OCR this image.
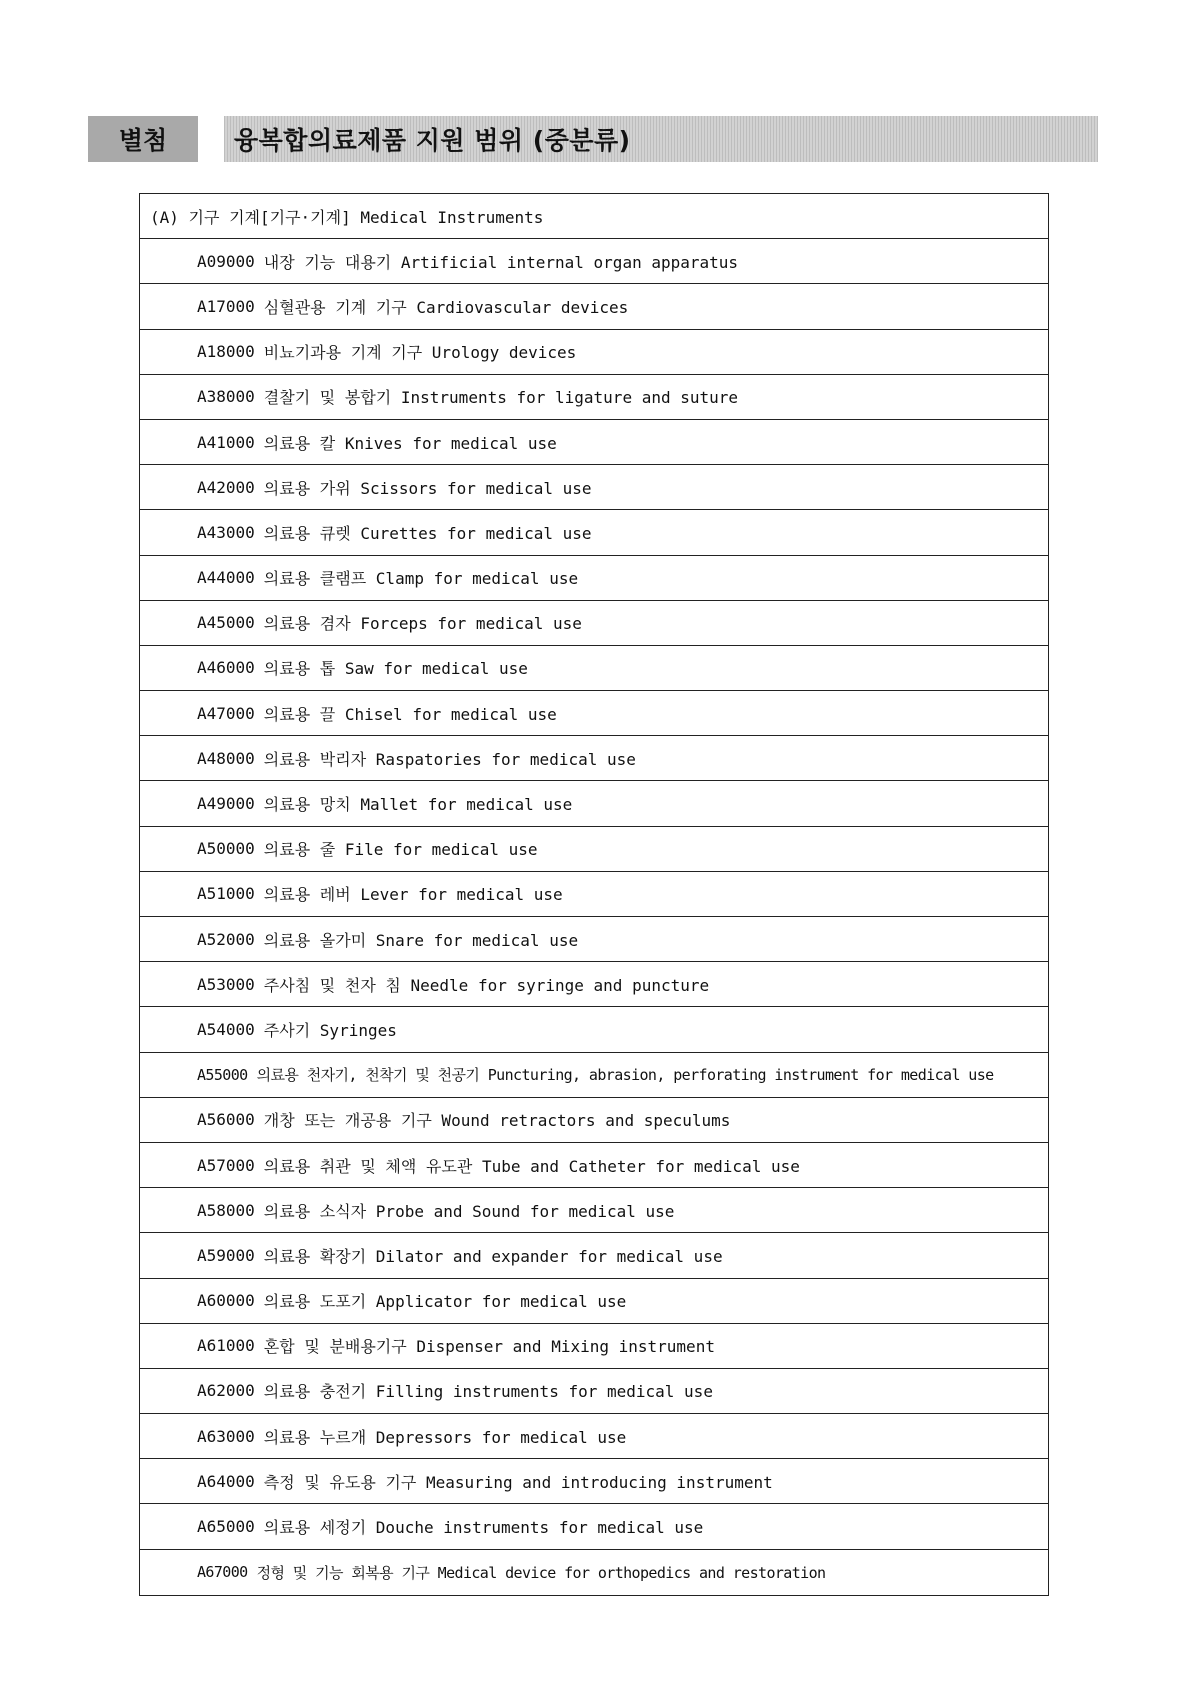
별첨	융복합의료제품 지원 범위 (중분류)
(A) 기구 기계[기구·기계] Medical Instruments
A09000 내장 기능 대용기 Artificial internal organ apparatus
A17000 심혈관용 기계 기구 Cardiovascular devices
A18000 비뇨기과용 기계 기구 Urology devices
A38000 결찰기 및 봉합기 Instruments for ligature and suture
A41000 의료용 칼 Knives for medical use
A42000 의료용 가위 Scissors for medical use
A43000 의료용 큐렛 Curettes for medical use
A44000 의료용 클램프 Clamp for medical use
A45000 의료용 겸자 Forceps for medical use
A46000 의료용 톱 Saw for medical use
A47000 의료용 끌 Chisel for medical use
A48000 의료용 박리자 Raspatories for medical use
A49000 의료용 망치 Mallet for medical use
A50000 의료용 줄 File for medical use
A51000 의료용 레버 Lever for medical use
A52000 의료용 올가미 Snare for medical use
A53000 주사침 및 천자 침 Needle for syringe and puncture
A54000 주사기 Syringes
A55000 의료용 천자기, 천착기 및 천공기 Puncturing, abrasion, perforating instrument for medical use
A56000 개창 또는 개공용 기구 Wound retractors and speculums
A57000 의료용 취관 및 체액 유도관 Tube and Catheter for medical use
A58000 의료용 소식자 Probe and Sound for medical use
A59000 의료용 확장기 Dilator and expander for medical use
A60000 의료용 도포기 Applicator for medical use
A61000 혼합 및 분배용기구 Dispenser and Mixing instrument
A62000 의료용 충전기 Filling instruments for medical use
A63000 의료용 누르개 Depressors for medical use
A64000 측정 및 유도용 기구 Measuring and introducing instrument
A65000 의료용 세정기 Douche instruments for medical use
A67000 정형 및 기능 회복용 기구 Medical device for orthopedics and restoration
